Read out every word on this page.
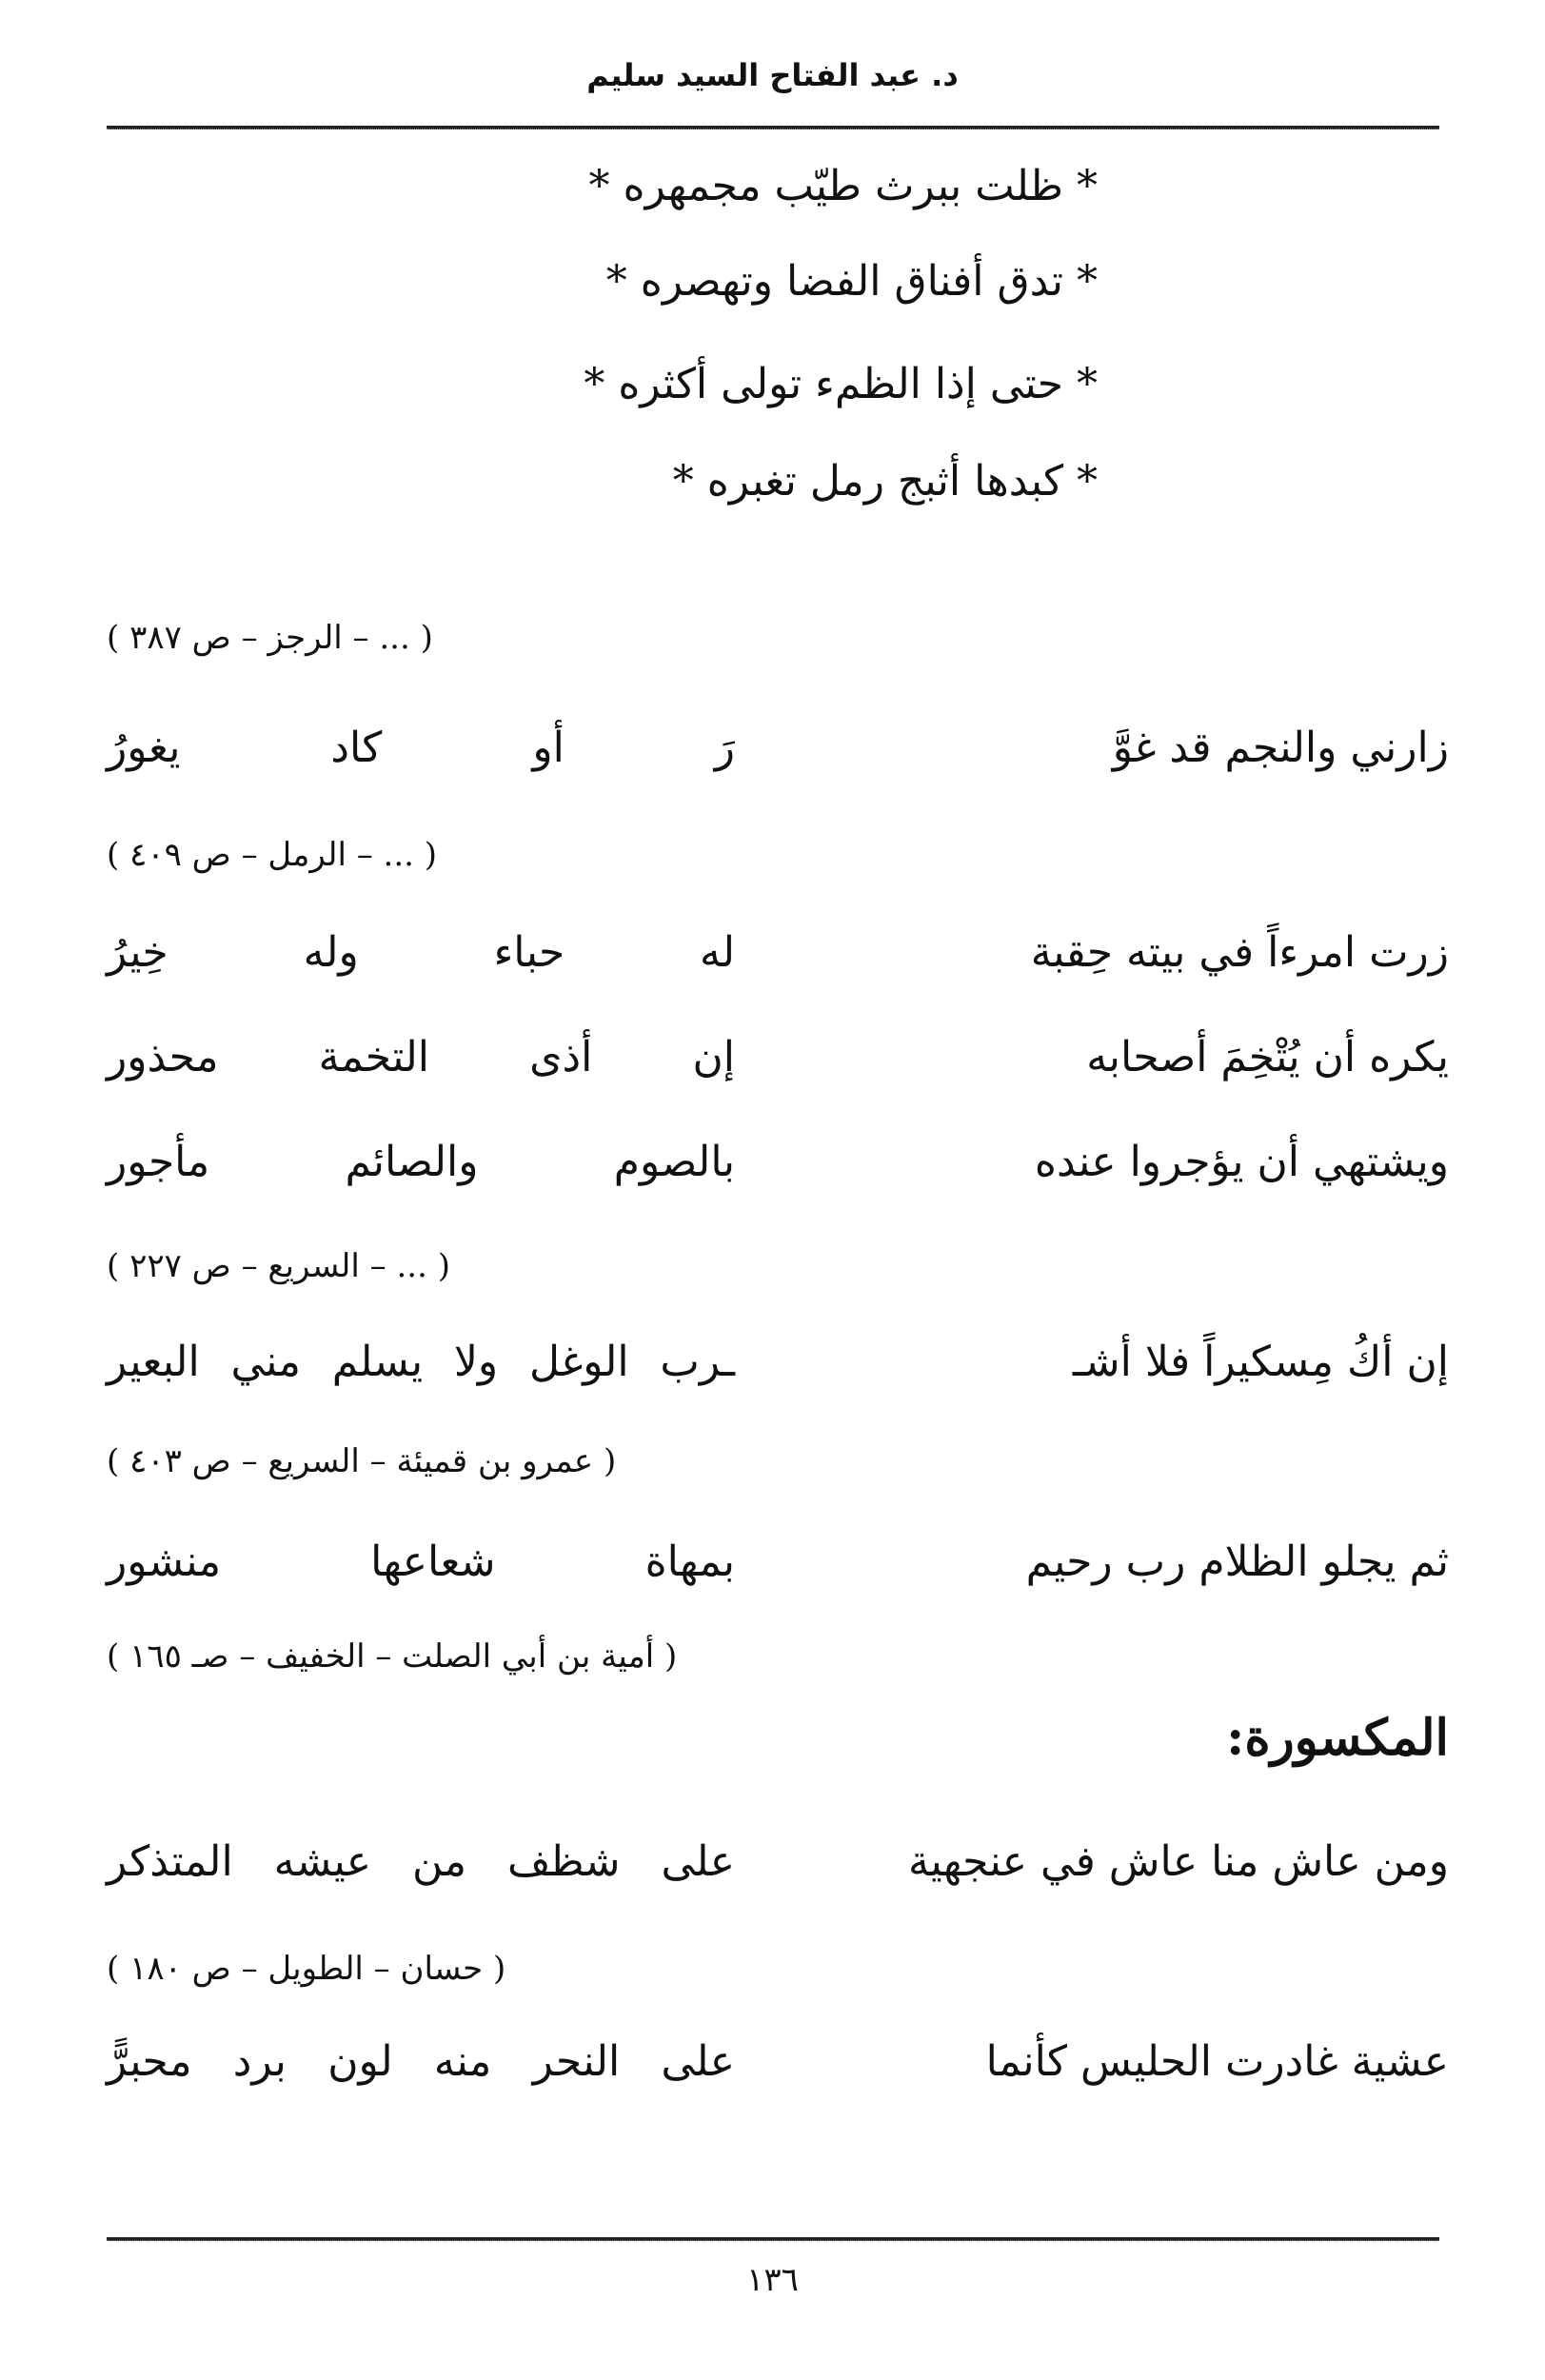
د. عبد الفتاح السيد سليم
* ظلت ببرث طيّب مجمهره *
* تدق أفناق الفضا وتهصره *
* حتى إذا الظمء تولى أكثره *
* كبدها أثبج رمل تغبره *
( ... – الرجز – ص ٣٨٧ )
زارني والنجم قد غوَّ
رَ أو كاد يغورُ
( ... – الرمل – ص ٤٠٩ )
زرت امرءاً في بيته حِقبة
له حباء وله خِيرُ
يكره أن يُتْخِمَ أصحابه
إن أذى التخمة محذور
ويشتهي أن يؤجروا عنده
بالصوم والصائم مأجور
( ... – السريع – ص ٢٢٧ )
إن أكُ مِسكيراً فلا أشـ
ـرب الوغل ولا يسلم مني البعير
( عمرو بن قميئة – السريع – ص ٤٠٣ )
ثم يجلو الظلام رب رحيم
بمهاة شعاعها منشور
( أمية بن أبي الصلت – الخفيف – صـ ١٦٥ )
المكسورة:
ومن عاش منا عاش في عنجهية
على شظف من عيشه المتذكر
( حسان – الطويل – ص ١٨٠ )
عشية غادرت الحليس كأنما
على النحر منه لون برد محبرًّ
١٣٦
